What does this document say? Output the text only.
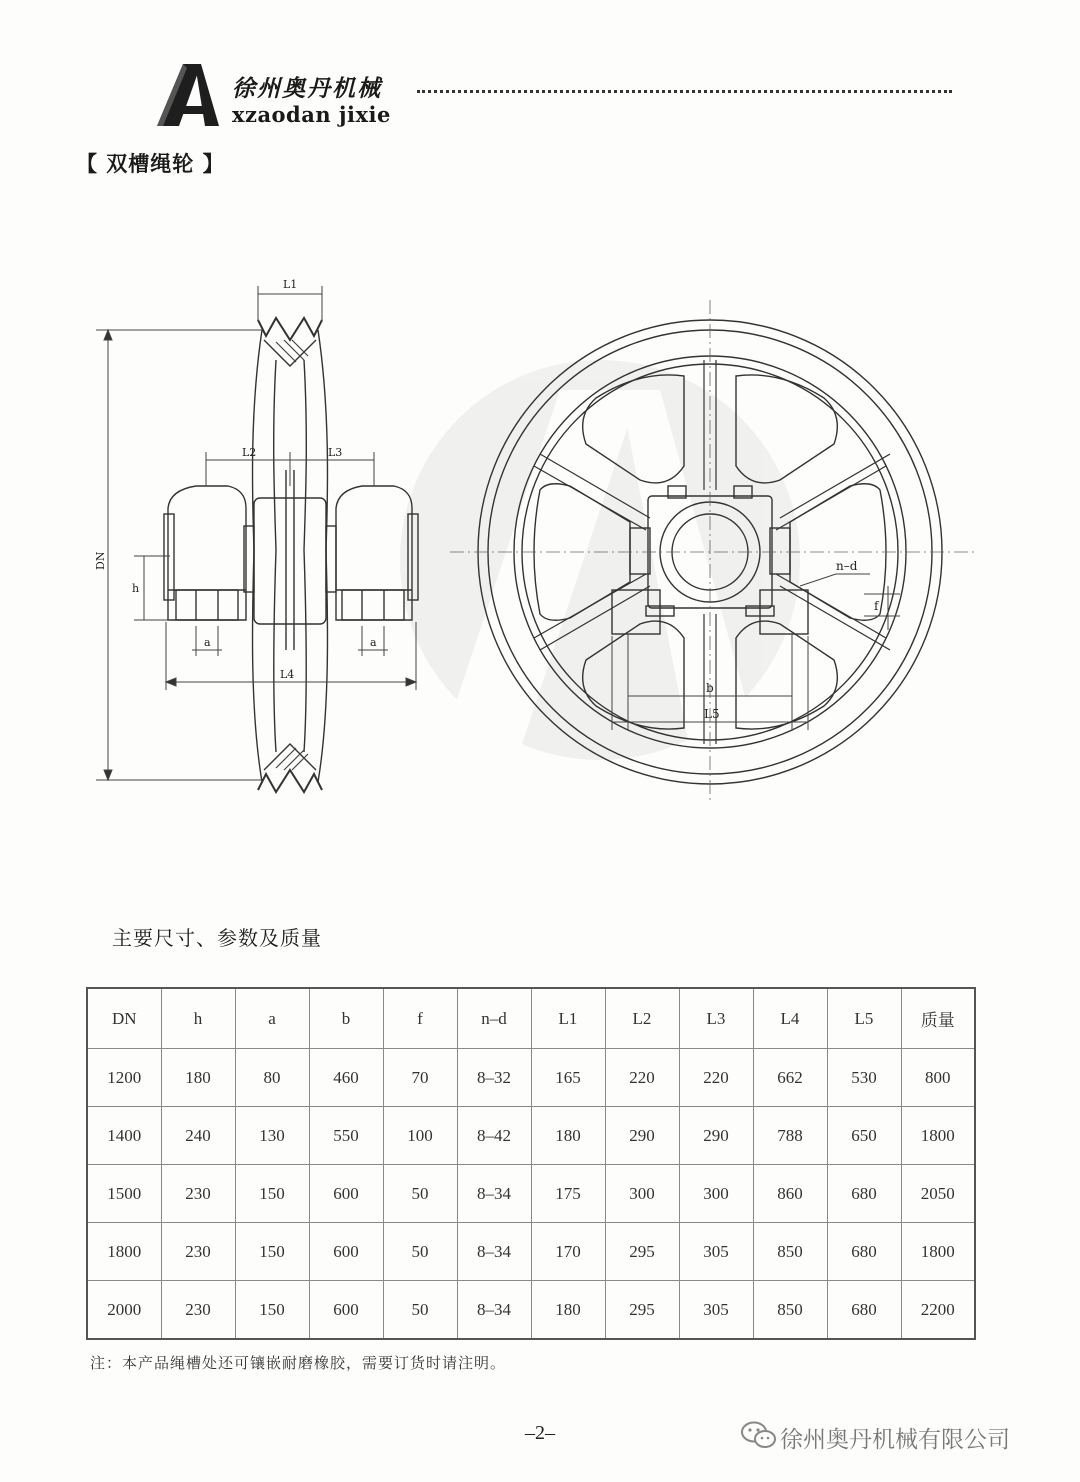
徐州奥丹机械
xzaodan jixie
【 双槽绳轮 】
L1
L2	L3
L4
a	a
h
DN
b
L5
n–d
f
主要尺寸、参数及质量
DN	h	a	b	f	n–d	L1	L2	L3	L4	L5	质量
1200	180	80	460	70	8–32	165	220	220	662	530	800
1400	240	130	550	100	8–42	180	290	290	788	650	1800
1500	230	150	600	50	8–34	175	300	300	860	680	2050
1800	230	150	600	50	8–34	170	295	305	850	680	1800
2000	230	150	600	50	8–34	180	295	305	850	680	2200
注：本产品绳槽处还可镶嵌耐磨橡胶，需要订货时请注明。
–2–	徐州奥丹机械有限公司
